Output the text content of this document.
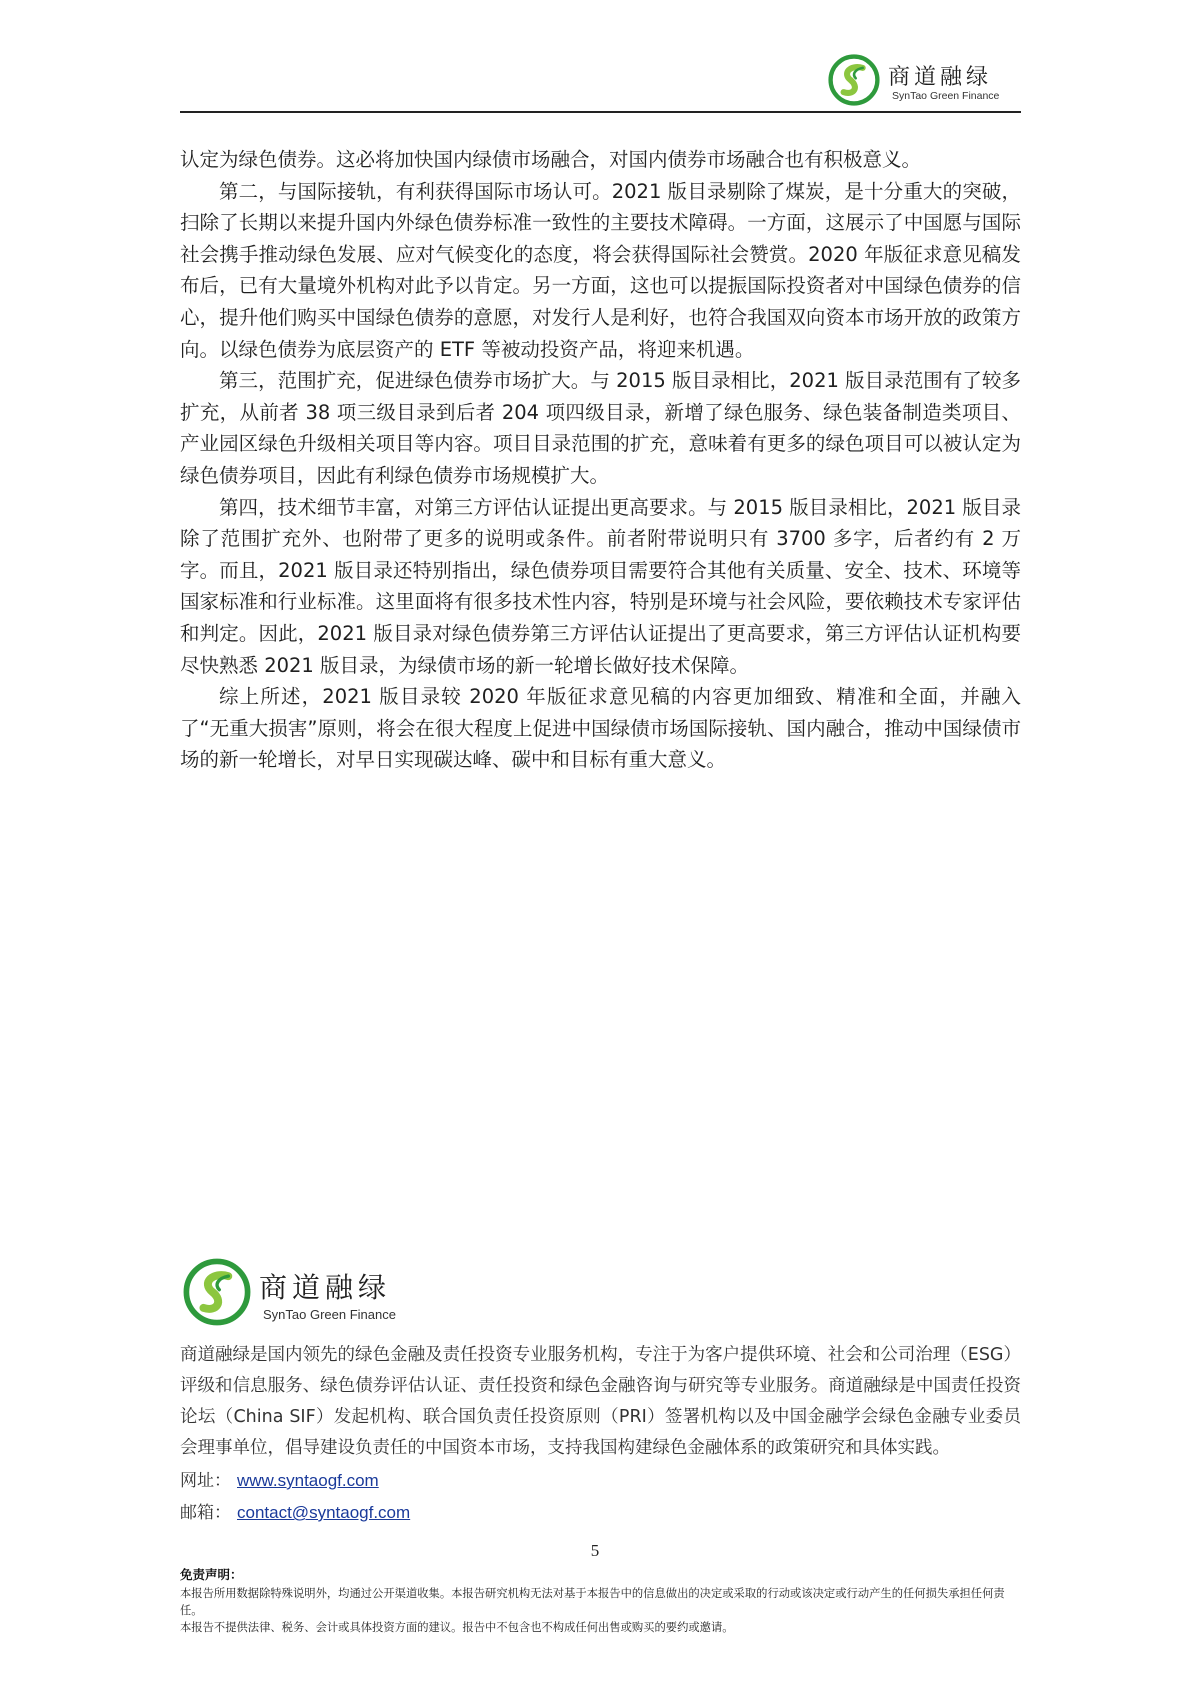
商道融绿
SynTao Green Finance

认定为绿色债券。这必将加快国内绿债市场融合，对国内债券市场融合也有积极意义。

第二，与国际接轨，有利获得国际市场认可。2021 版目录剔除了煤炭，是十分重大的突破，扫除了长期以来提升国内外绿色债券标准一致性的主要技术障碍。一方面，这展示了中国愿与国际社会携手推动绿色发展、应对气候变化的态度，将会获得国际社会赞赏。2020 年版征求意见稿发布后，已有大量境外机构对此予以肯定。另一方面，这也可以提振国际投资者对中国绿色债券的信心，提升他们购买中国绿色债券的意愿，对发行人是利好，也符合我国双向资本市场开放的政策方向。以绿色债券为底层资产的 ETF 等被动投资产品，将迎来机遇。

第三，范围扩充，促进绿色债券市场扩大。与 2015 版目录相比，2021 版目录范围有了较多扩充，从前者 38 项三级目录到后者 204 项四级目录，新增了绿色服务、绿色装备制造类项目、产业园区绿色升级相关项目等内容。项目目录范围的扩充，意味着有更多的绿色项目可以被认定为绿色债券项目，因此有利绿色债券市场规模扩大。

第四，技术细节丰富，对第三方评估认证提出更高要求。与 2015 版目录相比，2021 版目录除了范围扩充外、也附带了更多的说明或条件。前者附带说明只有 3700 多字，后者约有 2 万字。而且，2021 版目录还特别指出，绿色债券项目需要符合其他有关质量、安全、技术、环境等国家标准和行业标准。这里面将有很多技术性内容，特别是环境与社会风险，要依赖技术专家评估和判定。因此，2021 版目录对绿色债券第三方评估认证提出了更高要求，第三方评估认证机构要尽快熟悉 2021 版目录，为绿债市场的新一轮增长做好技术保障。

综上所述，2021 版目录较 2020 年版征求意见稿的内容更加细致、精准和全面，并融入了“无重大损害”原则，将会在很大程度上促进中国绿债市场国际接轨、国内融合，推动中国绿债市场的新一轮增长，对早日实现碳达峰、碳中和目标有重大意义。

商道融绿
SynTao Green Finance

商道融绿是国内领先的绿色金融及责任投资专业服务机构，专注于为客户提供环境、社会和公司治理（ESG）评级和信息服务、绿色债券评估认证、责任投资和绿色金融咨询与研究等专业服务。商道融绿是中国责任投资论坛（China SIF）发起机构、联合国负责任投资原则（PRI）签署机构以及中国金融学会绿色金融专业委员会理事单位，倡导建设负责任的中国资本市场，支持我国构建绿色金融体系的政策研究和具体实践。

网址： www.syntaogf.com
邮箱： contact@syntaogf.com
5
免责声明：

本报告所用数据除特殊说明外，均通过公开渠道收集。本报告研究机构无法对基于本报告中的信息做出的决定或采取的行动或该决定或行动产生的任何损失承担任何责任。

本报告不提供法律、税务、会计或具体投资方面的建议。报告中不包含也不构成任何出售或购买的要约或邀请。
